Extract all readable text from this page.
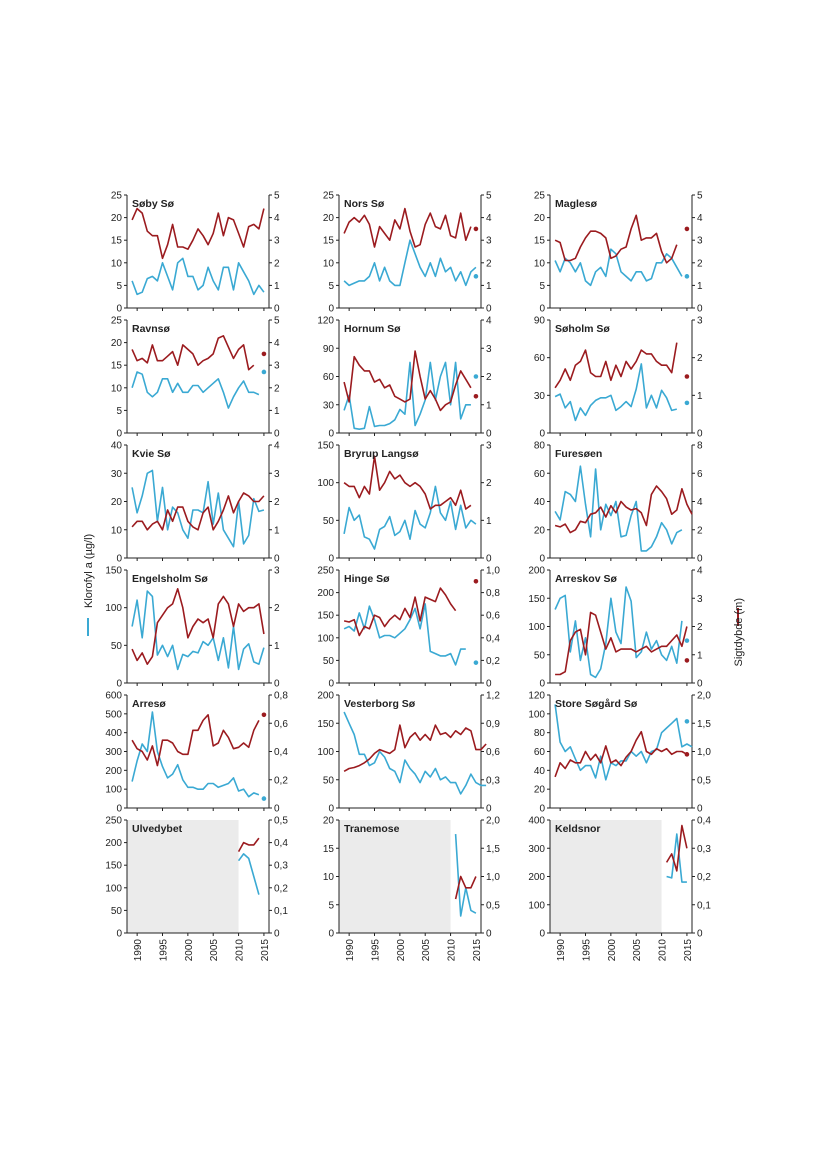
0
5
10
15
20
25
0
1
2
3
4
5
Søby Sø
0
5
10
15
20
25
0
1
2
3
4
5
Nors Sø
0
5
10
15
20
25
0
1
2
3
4
5
Maglesø
0
5
10
15
20
25
0
1
2
3
4
5
Ravnsø
0
30
60
90
120
0
1
2
3
4
Hornum Sø
0
30
60
90
0
1
2
3
Søholm Sø
0
10
20
30
40
0
1
2
3
4
Kvie Sø
0
50
100
150
0
1
2
3
Bryrup Langsø
0
20
40
60
80
0
2
4
6
8
Furesøen
0
50
100
150
0
1
2
3
Engelsholm Sø
0
50
100
150
200
250
0
0,2
0,4
0,6
0,8
1,0
Hinge Sø
0
50
100
150
200
0
1
2
3
4
Arreskov Sø
0
100
200
300
400
500
600
0
0,2
0,4
0,6
0,8
Arresø
0
50
100
150
200
0
0,3
0,6
0,9
1,2
Vesterborg Sø
0
20
40
60
80
100
120
0
0,5
1,0
1,5
2,0
Store Søgård Sø
0
50
100
150
200
250
0
0,1
0,2
0,3
0,4
0,5
1990 1995 2000 2005 2010 2015
Ulvedybet
0
5
10
15
20
0
0,5
1,0
1,5
2,0
1990 1995 2000 2005 2010 2015
Tranemose
0
100
200
300
400
0
0,1
0,2
0,3
0,4
1990 1995 2000 2005 2010 2015
Keldsnor
Klorofyl a (µg/l)
Sigtdybde (m)
